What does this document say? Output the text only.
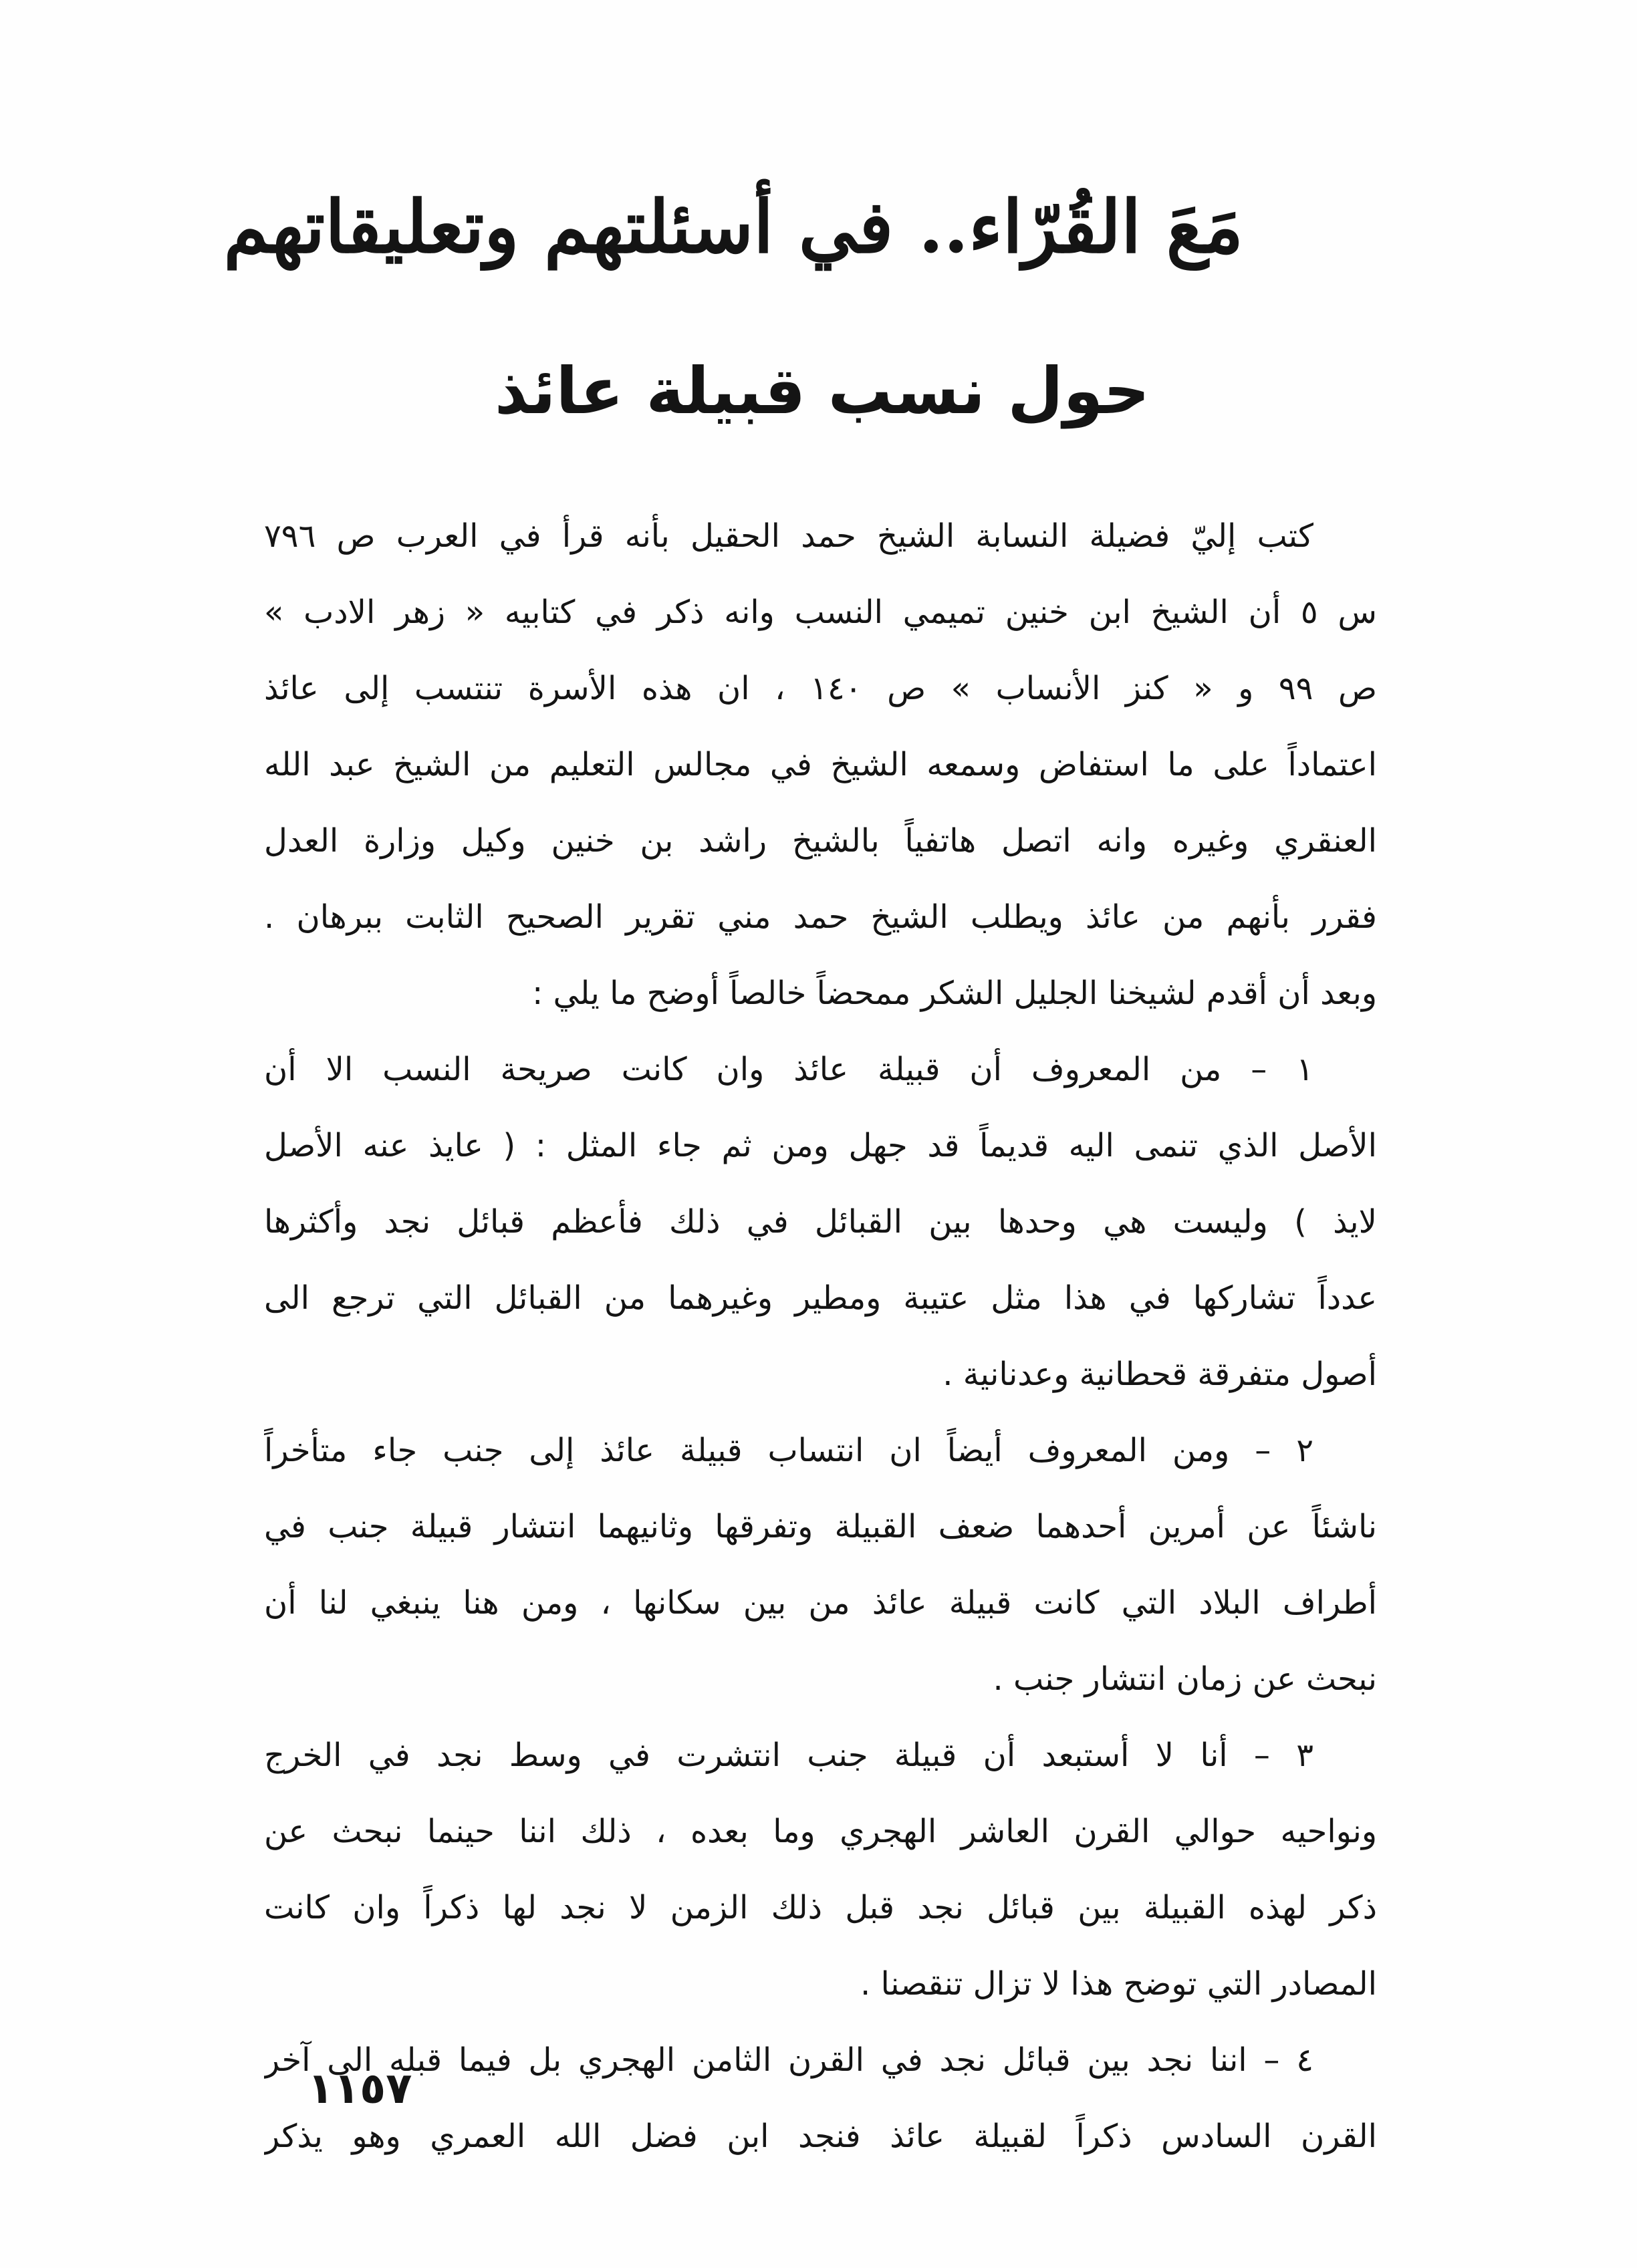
مَعَ القُرّاء.. في أسئلتهم وتعليقاتهم
حول نسب قبيلة عائذ
كتب إليّ فضيلة النسابة الشيخ حمد الحقيل بأنه قرأ في العرب ص ٧٩٦
س ٥ أن الشيخ ابن خنين تميمي النسب وانه ذكر في كتابيه « زهر الادب »
ص ٩٩ و « كنز الأنساب » ص ١٤٠ ، ان هذه الأسرة تنتسب إلى عائذ
اعتماداً على ما استفاض وسمعه الشيخ في مجالس التعليم من الشيخ عبد الله
العنقري وغيره وانه اتصل هاتفياً بالشيخ راشد بن خنين وكيل وزارة العدل
فقرر بأنهم من عائذ ويطلب الشيخ حمد مني تقرير الصحيح الثابت ببرهان .
وبعد أن أقدم لشيخنا الجليل الشكر ممحضاً خالصاً أوضح ما يلي :
١ – من المعروف أن قبيلة عائذ وان كانت صريحة النسب الا أن
الأصل الذي تنمى اليه قديماً قد جهل ومن ثم جاء المثل : ( عايذ عنه الأصل
لايذ ) وليست هي وحدها بين القبائل في ذلك فأعظم قبائل نجد وأكثرها
عدداً تشاركها في هذا مثل عتيبة ومطير وغيرهما من القبائل التي ترجع الى
أصول متفرقة قحطانية وعدنانية .
٢ – ومن المعروف أيضاً ان انتساب قبيلة عائذ إلى جنب جاء متأخراً
ناشئاً عن أمرين أحدهما ضعف القبيلة وتفرقها وثانيهما انتشار قبيلة جنب في
أطراف البلاد التي كانت قبيلة عائذ من بين سكانها ، ومن هنا ينبغي لنا أن
نبحث عن زمان انتشار جنب .
٣ – أنا لا أستبعد أن قبيلة جنب انتشرت في وسط نجد في الخرج
ونواحيه حوالي القرن العاشر الهجري وما بعده ، ذلك اننا حينما نبحث عن
ذكر لهذه القبيلة بين قبائل نجد قبل ذلك الزمن لا نجد لها ذكراً وان كانت
المصادر التي توضح هذا لا تزال تنقصنا .
٤ – اننا نجد بين قبائل نجد في القرن الثامن الهجري بل فيما قبله الى آخر
القرن السادس ذكراً لقبيلة عائذ فنجد ابن فضل الله العمري وهو يذكر
١١٥٧
